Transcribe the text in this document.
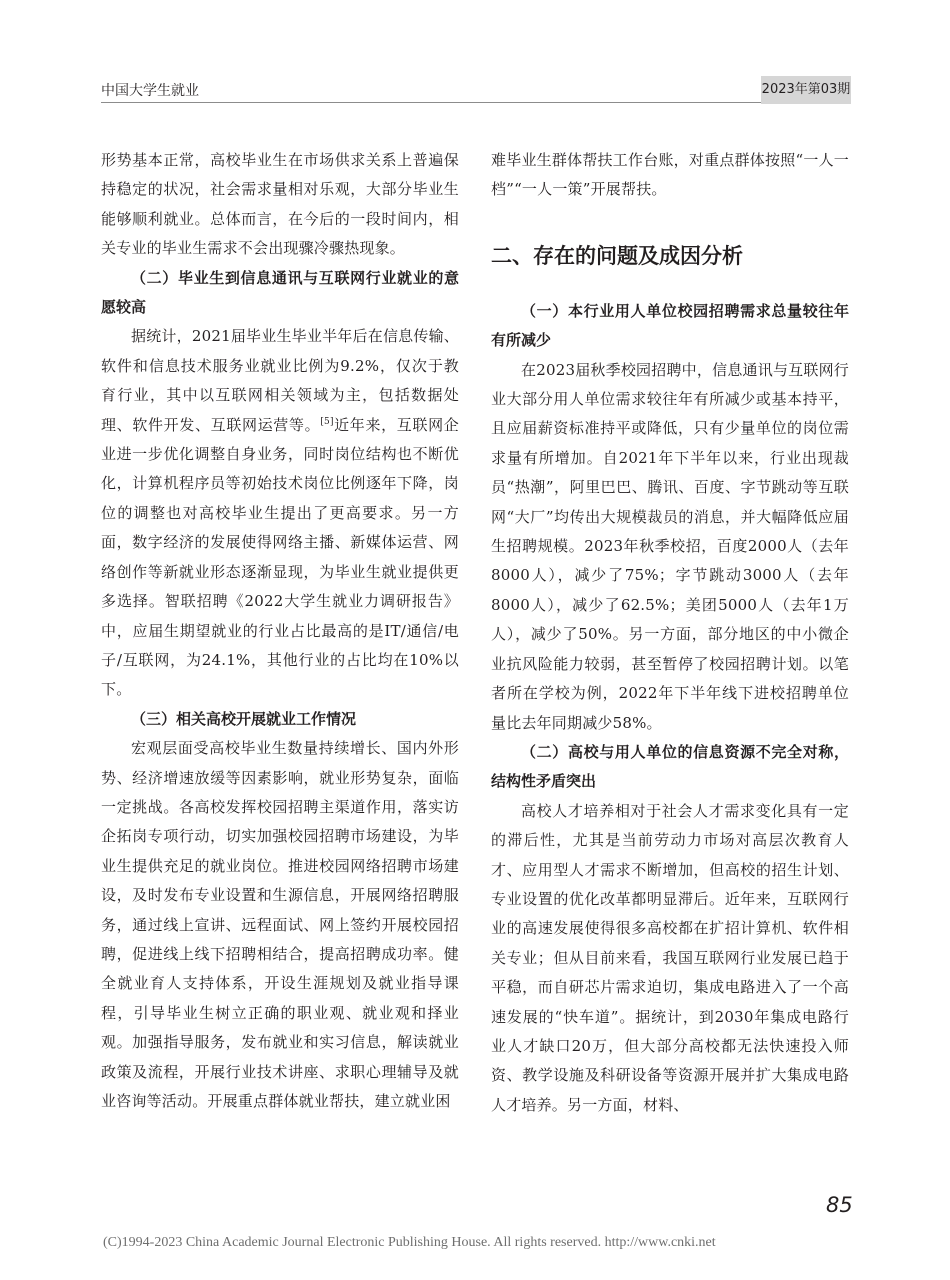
中国大学生就业	2023年第03期

形势基本正常，高校毕业生在市场供求关系上普遍保持稳定的状况，社会需求量相对乐观，大部分毕业生能够顺利就业。总体而言，在今后的一段时间内，相关专业的毕业生需求不会出现骤冷骤热现象。

（二）毕业生到信息通讯与互联网行业就业的意愿较高

据统计，2021届毕业生毕业半年后在信息传输、软件和信息技术服务业就业比例为9.2%，仅次于教育行业，其中以互联网相关领域为主，包括数据处理、软件开发、互联网运营等。[5]近年来，互联网企业进一步优化调整自身业务，同时岗位结构也不断优化，计算机程序员等初始技术岗位比例逐年下降，岗位的调整也对高校毕业生提出了更高要求。另一方面，数字经济的发展使得网络主播、新媒体运营、网络创作等新就业形态逐渐显现，为毕业生就业提供更多选择。智联招聘《2022大学生就业力调研报告》中，应届生期望就业的行业占比最高的是IT/通信/电子/互联网，为24.1%，其他行业的占比均在10%以下。

（三）相关高校开展就业工作情况

宏观层面受高校毕业生数量持续增长、国内外形势、经济增速放缓等因素影响，就业形势复杂，面临一定挑战。各高校发挥校园招聘主渠道作用，落实访企拓岗专项行动，切实加强校园招聘市场建设，为毕业生提供充足的就业岗位。推进校园网络招聘市场建设，及时发布专业设置和生源信息，开展网络招聘服务，通过线上宣讲、远程面试、网上签约开展校园招聘，促进线上线下招聘相结合，提高招聘成功率。健全就业育人支持体系，开设生涯规划及就业指导课程，引导毕业生树立正确的职业观、就业观和择业观。加强指导服务，发布就业和实习信息，解读就业政策及流程，开展行业技术讲座、求职心理辅导及就业咨询等活动。开展重点群体就业帮扶，建立就业困

难毕业生群体帮扶工作台账，对重点群体按照“一人一档”“一人一策”开展帮扶。

二、存在的问题及成因分析

（一）本行业用人单位校园招聘需求总量较往年有所减少

在2023届秋季校园招聘中，信息通讯与互联网行业大部分用人单位需求较往年有所减少或基本持平，且应届薪资标准持平或降低，只有少量单位的岗位需求量有所增加。自2021年下半年以来，行业出现裁员“热潮”，阿里巴巴、腾讯、百度、字节跳动等互联网“大厂”均传出大规模裁员的消息，并大幅降低应届生招聘规模。2023年秋季校招，百度2000人（去年8000人），减少了75%；字节跳动3000人（去年8000人），减少了62.5%；美团5000人（去年1万人），减少了50%。另一方面，部分地区的中小微企业抗风险能力较弱，甚至暂停了校园招聘计划。以笔者所在学校为例，2022年下半年线下进校招聘单位量比去年同期减少58%。

（二）高校与用人单位的信息资源不完全对称，结构性矛盾突出

高校人才培养相对于社会人才需求变化具有一定的滞后性，尤其是当前劳动力市场对高层次教育人才、应用型人才需求不断增加，但高校的招生计划、专业设置的优化改革都明显滞后。近年来，互联网行业的高速发展使得很多高校都在扩招计算机、软件相关专业；但从目前来看，我国互联网行业发展已趋于平稳，而自研芯片需求迫切，集成电路进入了一个高速发展的“快车道”。据统计，到2030年集成电路行业人才缺口20万，但大部分高校都无法快速投入师资、教学设施及科研设备等资源开展并扩大集成电路人才培养。另一方面，材料、

85
(C)1994-2023 China Academic Journal Electronic Publishing House. All rights reserved. http://www.cnki.net
